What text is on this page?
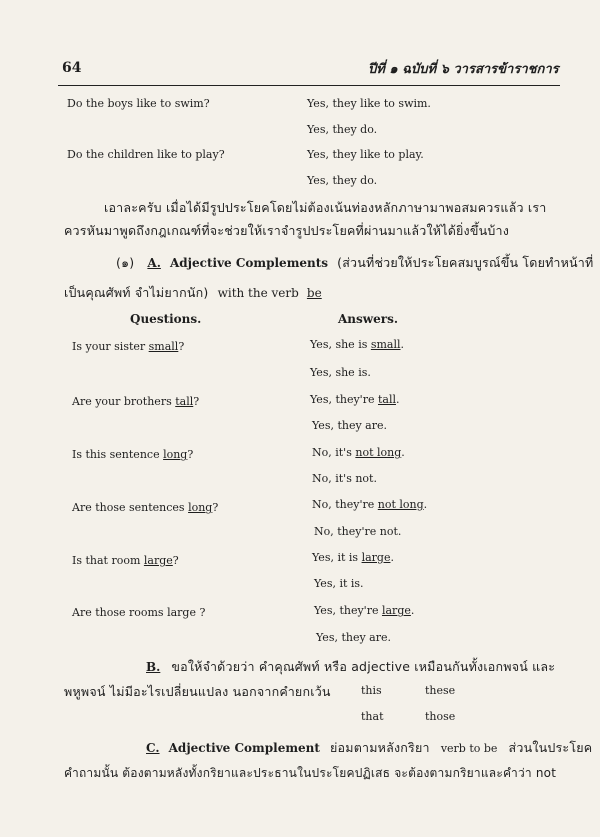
64	ปีที่ ๑ ฉบับที่ ๖ วารสารข้าราชการ
Do the boys like to swim?	Yes, they like to swim.
Yes, they do.
Do the children like to play?	Yes, they like to play.
Yes, they do.
เอาละครับ เมื่อได้มีรูปประโยคโดยไม่ต้องเน้นท่องหลักภาษามาพอสมควรแล้ว เรา
ควรหันมาพูดถึงกฎเกณฑ์ที่จะช่วยให้เราจำรูปประโยคที่ผ่านมาแล้วให้ได้ยิ่งขึ้นบ้าง
(๑) A. Adjective Complements (ส่วนที่ช่วยให้ประโยคสมบูรณ์ขึ้น โดยทำหน้าที่
เป็นคุณศัพท์ จำไม่ยากนัก) with the verb be
Questions.	Answers.
Is your sister small?	Yes, she is small.
Yes, she is.
Are your brothers tall?	Yes, they're tall.
Yes, they are.
Is this sentence long?	No, it's not long.
No, it's not.
Are those sentences long?	No, they're not long.
No, they're not.
Is that room large?	Yes, it is large.
Yes, it is.
Are those rooms large ?	Yes, they're large.
Yes, they are.
B. ขอให้จำด้วยว่า คำคุณศัพท์ หรือ adjective เหมือนกันทั้งเอกพจน์ และ
พหูพจน์ ไม่มีอะไรเปลี่ยนแปลง นอกจากคำยกเว้น	this	these
that	those
C. Adjective Complement ย่อมตามหลังกริยา verb to be ส่วนในประโยค
คำถามนั้น ต้องตามหลังทั้งกริยาและประธานในประโยคปฏิเสธ จะต้องตามกริยาและคำว่า not
